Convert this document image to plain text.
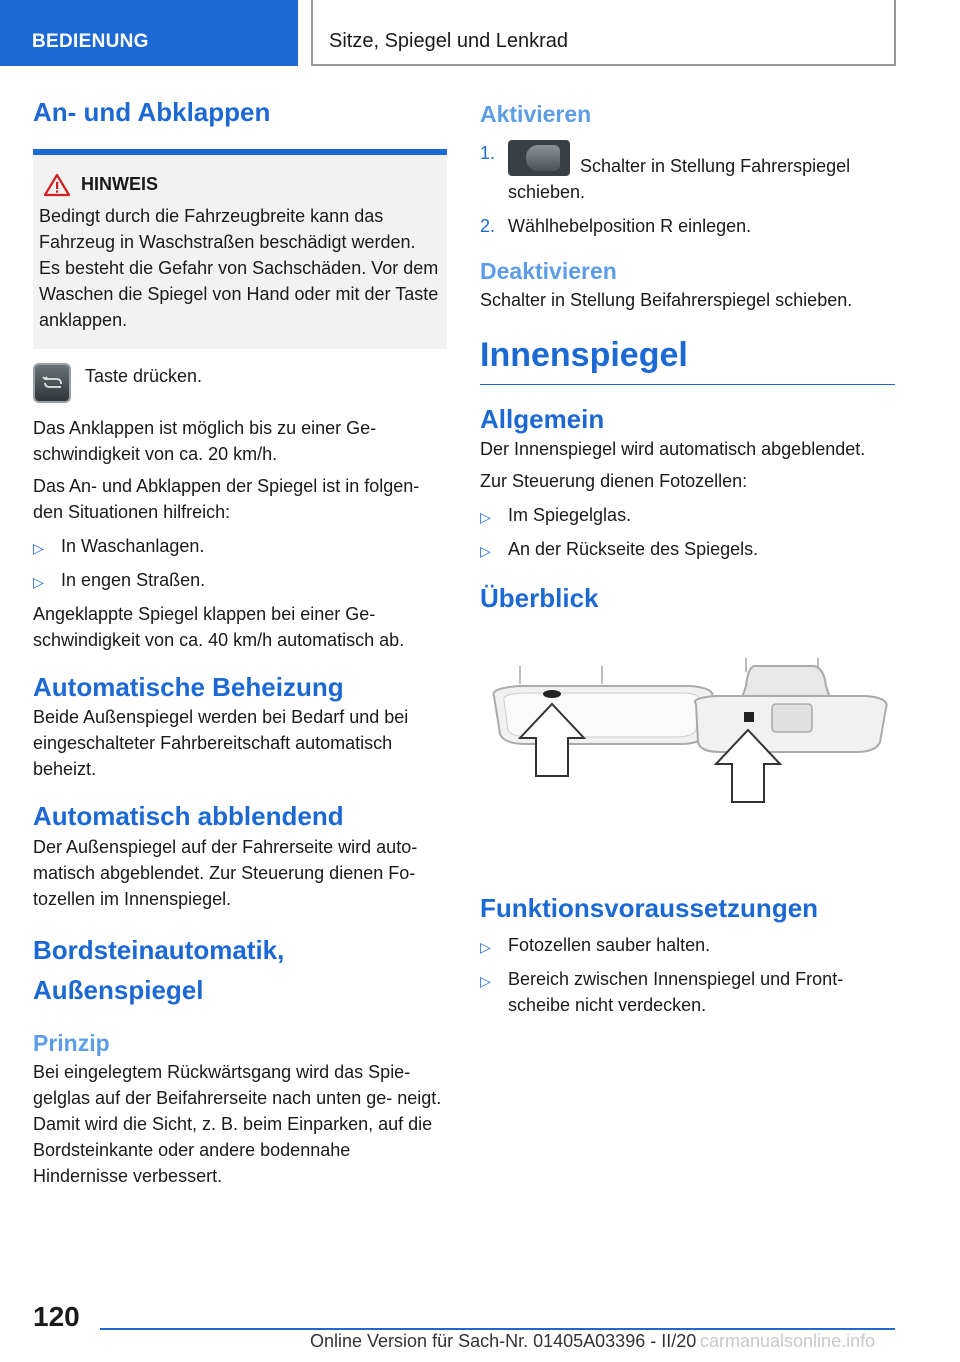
BEDIENUNG	Sitze, Spiegel und Lenkrad
An- und Abklappen
HINWEIS

Bedingt durch die Fahrzeugbreite kann das Fahrzeug in Waschstraßen beschädigt werden. Es besteht die Gefahr von Sachschäden. Vor dem Waschen die Spiegel von Hand oder mit der Taste anklappen.

Taste drücken.

Das Anklappen ist möglich bis zu einer Ge- schwindigkeit von ca. 20 km/h.

Das An- und Abklappen der Spiegel ist in folgen- den Situationen hilfreich:

▷ In Waschanlagen.
▷ In engen Straßen.

Angeklappte Spiegel klappen bei einer Ge- schwindigkeit von ca. 40 km/h automatisch ab.

Automatische Beheizung

Beide Außenspiegel werden bei Bedarf und bei eingeschalteter Fahrbereitschaft automatisch beheizt.

Automatisch abblendend

Der Außenspiegel auf der Fahrerseite wird auto- matisch abgeblendet. Zur Steuerung dienen Fo- tozellen im Innenspiegel.

Bordsteinautomatik, Außenspiegel
Prinzip

Bei eingelegtem Rückwärtsgang wird das Spie- gelglas auf der Beifahrerseite nach unten ge- neigt. Damit wird die Sicht, z. B. beim Einparken, auf die Bordsteinkante oder andere bodennahe Hindernisse verbessert.

Aktivieren
1.
Schalter in Stellung Fahrerspiegel schieben.
2. Wählhebelposition R einlegen.
Deaktivieren

Schalter in Stellung Beifahrerspiegel schieben.

Innenspiegel
Allgemein

Der Innenspiegel wird automatisch abgeblendet.

Zur Steuerung dienen Fotozellen:

▷ Im Spiegelglas.
▷ An der Rückseite des Spiegels.
Überblick
Funktionsvoraussetzungen
▷ Fotozellen sauber halten.
▷ Bereich zwischen Innenspiegel und Front- scheibe nicht verdecken.
120
Online Version für Sach-Nr. 01405A03396 - II/20 carmanualsonline.info
